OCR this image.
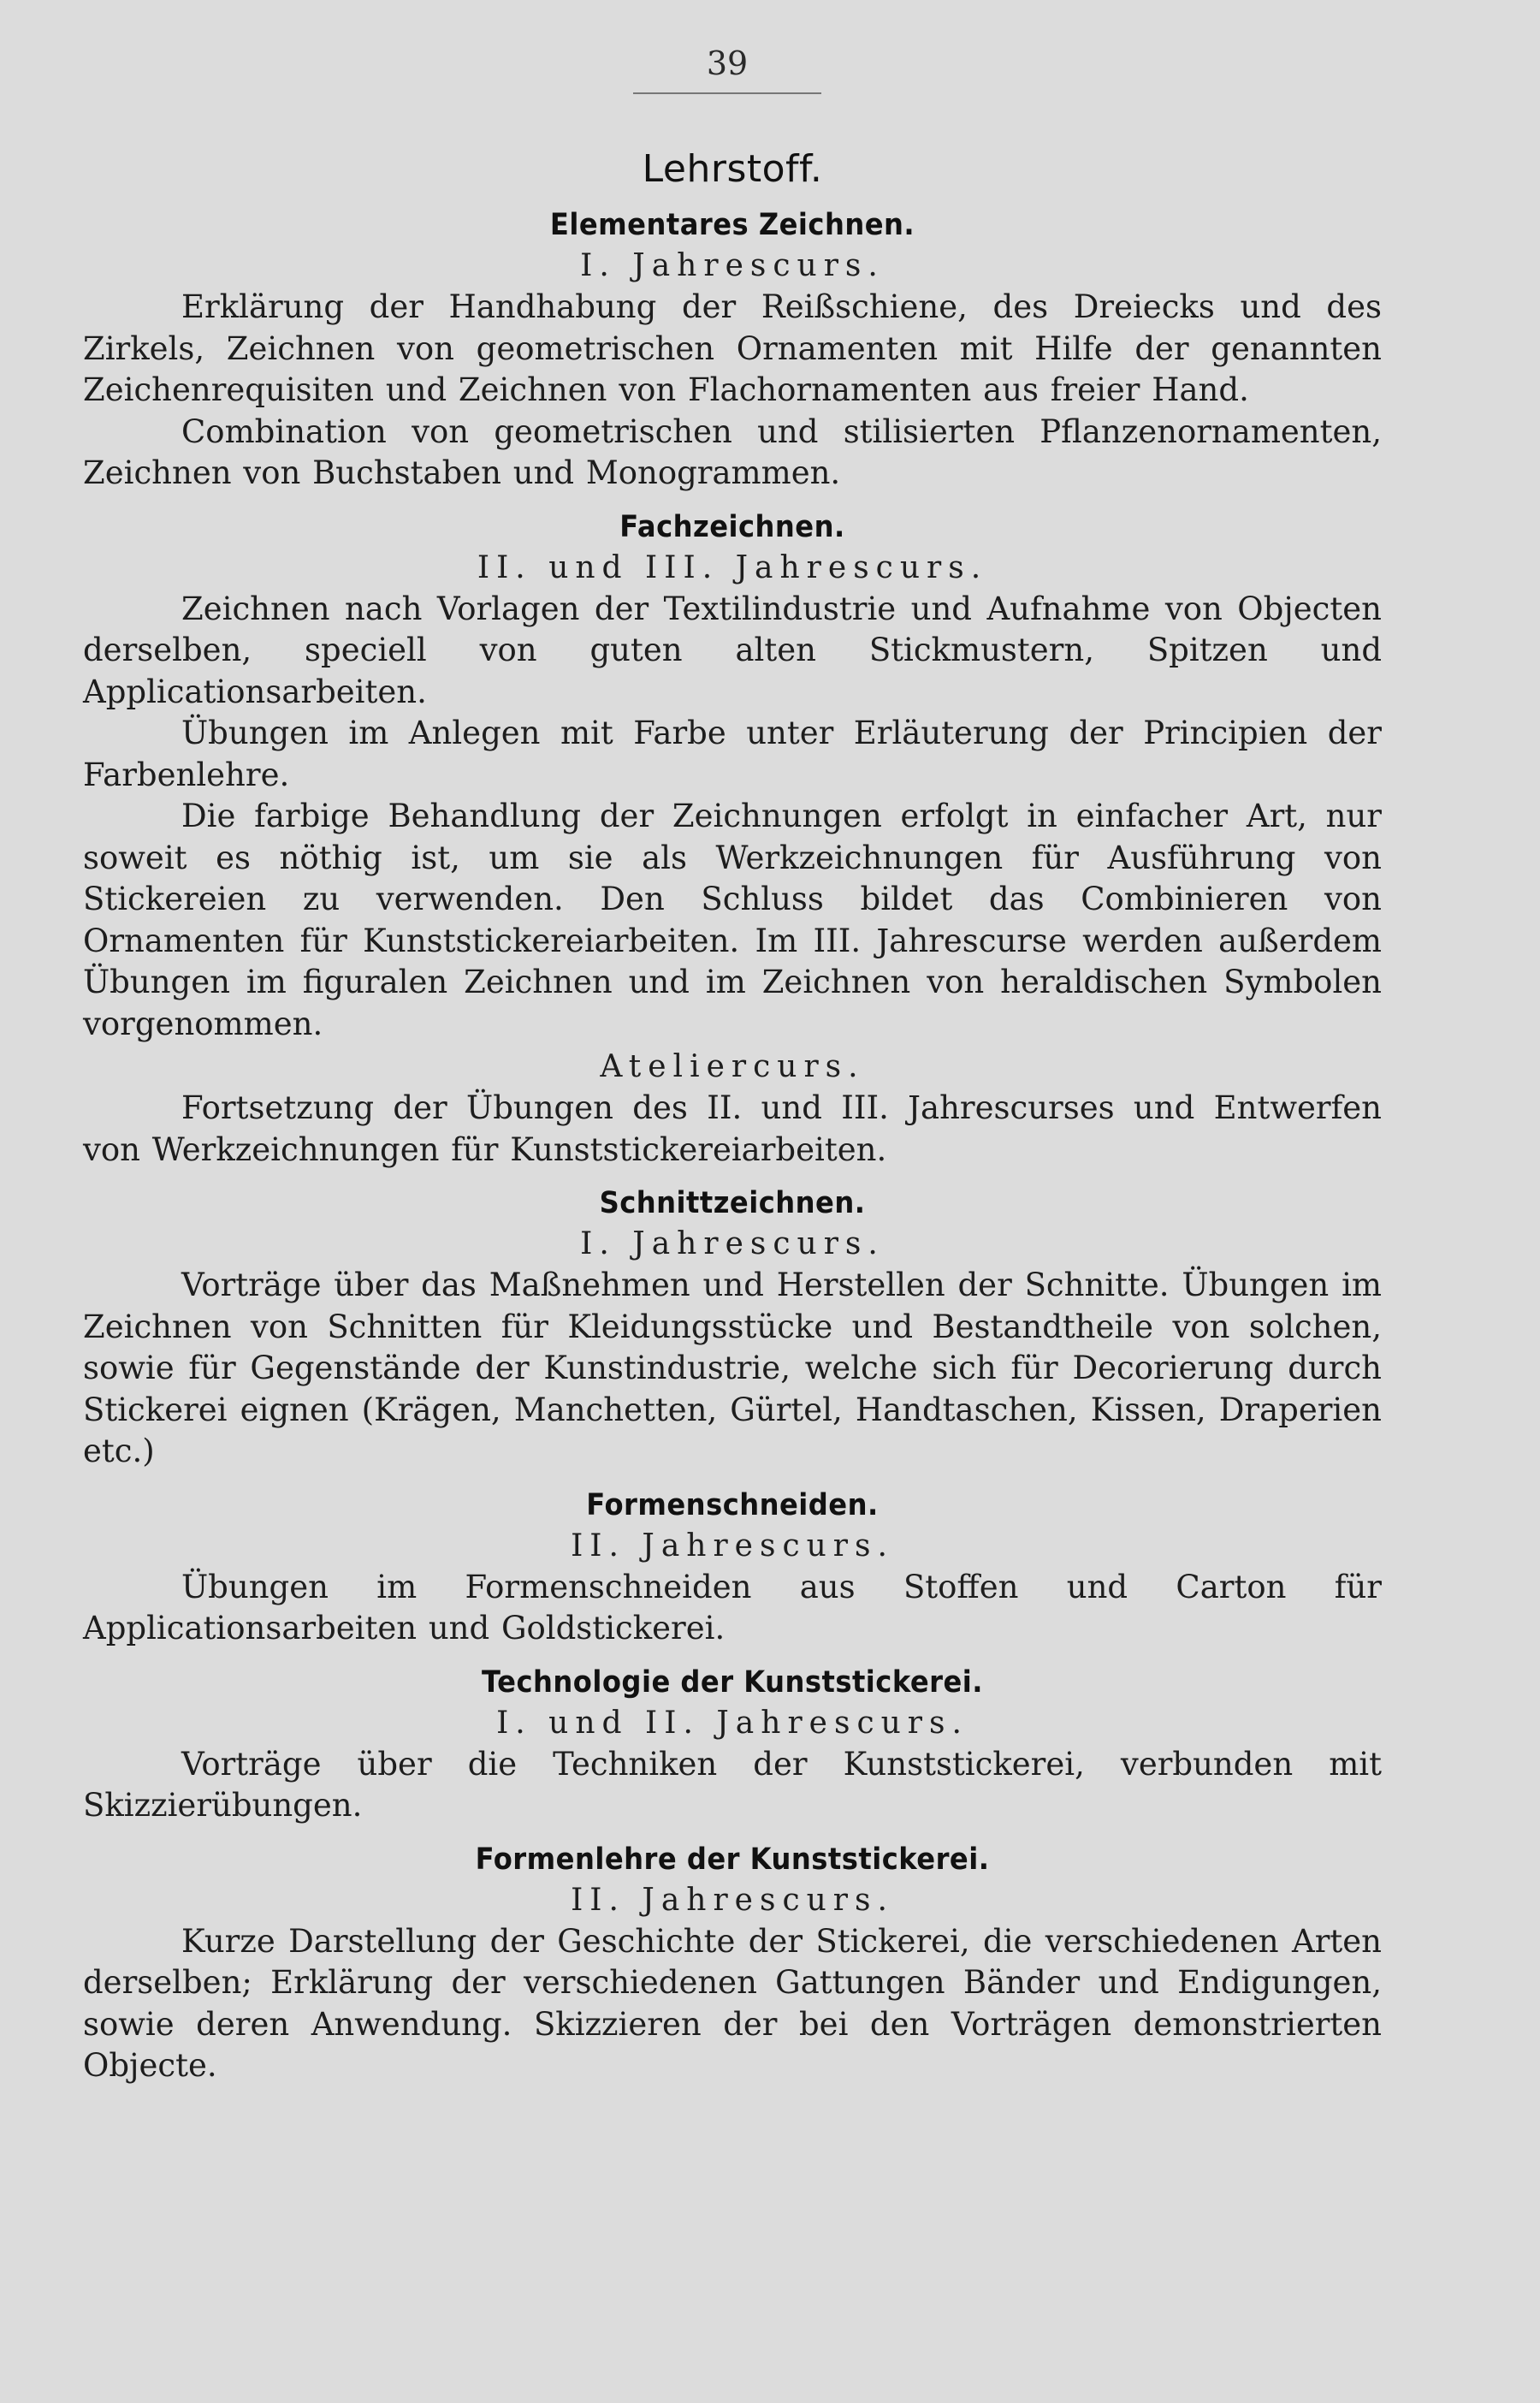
39
Lehrstoff.
Elementares Zeichnen.

I. Jahrescurs.

Erklärung der Handhabung der Reißschiene, des Dreiecks und des Zirkels, Zeichnen von geometrischen Ornamenten mit Hilfe der genannten Zeichenrequisiten und Zeichnen von Flachornamenten aus freier Hand.

Combination von geometrischen und stilisierten Pflanzenornamenten, Zeichnen von Buchstaben und Monogrammen.

Fachzeichnen.

II. und III. Jahrescurs.

Zeichnen nach Vorlagen der Textilindustrie und Aufnahme von Objecten derselben, speciell von guten alten Stickmustern, Spitzen und Applicationsarbeiten.

Übungen im Anlegen mit Farbe unter Erläuterung der Principien der Farbenlehre.

Die farbige Behandlung der Zeichnungen erfolgt in einfacher Art, nur soweit es nöthig ist, um sie als Werkzeichnungen für Ausführung von Stickereien zu verwenden. Den Schluss bildet das Combinieren von Ornamenten für Kunststickereiarbeiten. Im III. Jahrescurse werden außerdem Übungen im figuralen Zeichnen und im Zeichnen von heraldischen Symbolen vorgenommen.

Ateliercurs.

Fortsetzung der Übungen des II. und III. Jahrescurses und Entwerfen von Werkzeichnungen für Kunststickereiarbeiten.

Schnittzeichnen.

I. Jahrescurs.

Vorträge über das Maßnehmen und Herstellen der Schnitte. Übungen im Zeichnen von Schnitten für Kleidungsstücke und Bestandtheile von solchen, sowie für Gegenstände der Kunstindustrie, welche sich für Decorierung durch Stickerei eignen (Krägen, Manchetten, Gürtel, Handtaschen, Kissen, Draperien etc.)

Formenschneiden.

II. Jahrescurs.

Übungen im Formenschneiden aus Stoffen und Carton für Applicationsarbeiten und Goldstickerei.

Technologie der Kunststickerei.

I. und II. Jahrescurs.

Vorträge über die Techniken der Kunststickerei, verbunden mit Skizzierübungen.

Formenlehre der Kunststickerei.

II. Jahrescurs.

Kurze Darstellung der Geschichte der Stickerei, die verschiedenen Arten derselben; Erklärung der verschiedenen Gattungen Bänder und Endigungen, sowie deren Anwendung. Skizzieren der bei den Vorträgen demonstrierten Objecte.
